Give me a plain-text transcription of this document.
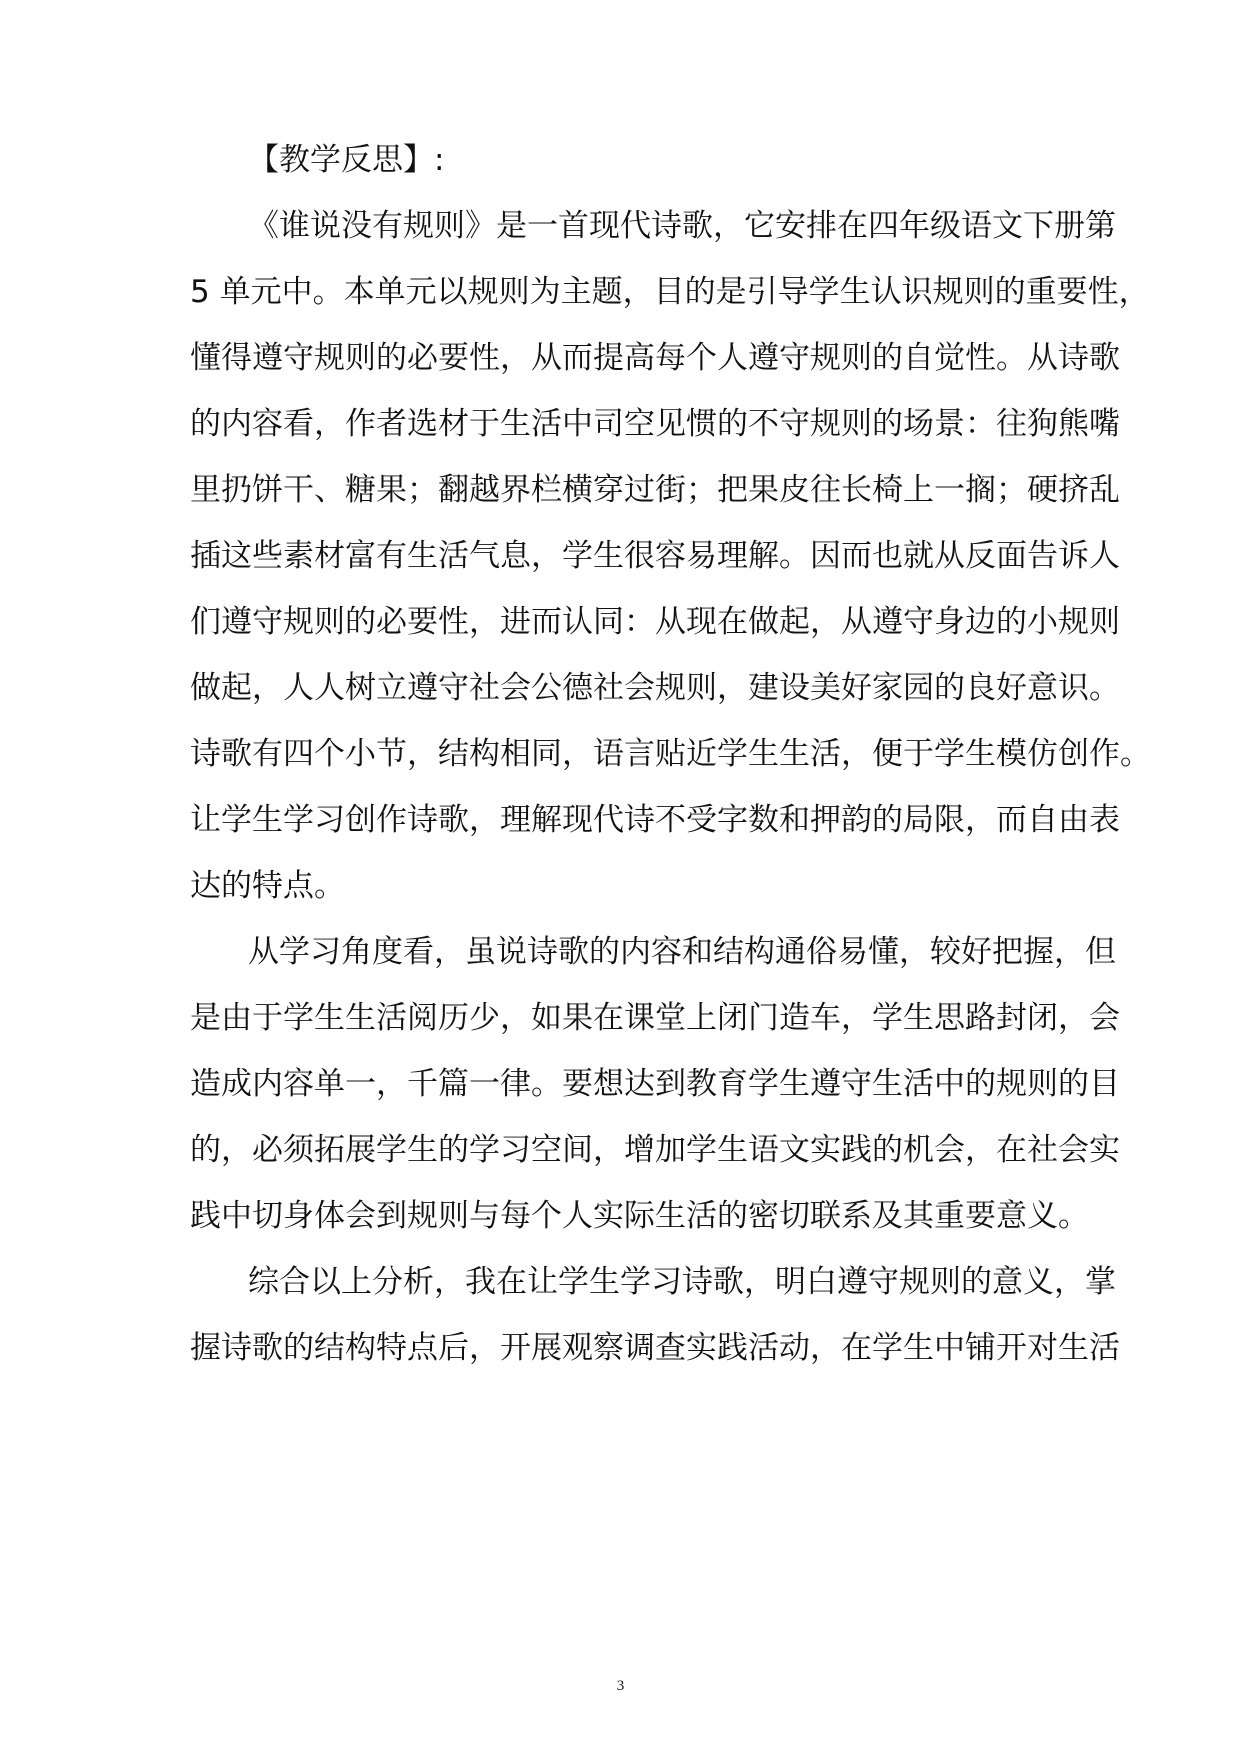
【教学反思】:
《谁说没有规则》是一首现代诗歌，它安排在四年级语文下册第
5 单元中。本单元以规则为主题，目的是引导学生认识规则的重要性，
懂得遵守规则的必要性，从而提高每个人遵守规则的自觉性。从诗歌
的内容看，作者选材于生活中司空见惯的不守规则的场景：往狗熊嘴
里扔饼干、糖果；翻越界栏横穿过街；把果皮往长椅上一搁；硬挤乱
插这些素材富有生活气息，学生很容易理解。因而也就从反面告诉人
们遵守规则的必要性，进而认同：从现在做起，从遵守身边的小规则
做起，人人树立遵守社会公德社会规则，建设美好家园的良好意识。
诗歌有四个小节，结构相同，语言贴近学生生活，便于学生模仿创作。
让学生学习创作诗歌，理解现代诗不受字数和押韵的局限，而自由表
达的特点。
从学习角度看，虽说诗歌的内容和结构通俗易懂，较好把握，但
是由于学生生活阅历少，如果在课堂上闭门造车，学生思路封闭，会
造成内容单一，千篇一律。要想达到教育学生遵守生活中的规则的目
的，必须拓展学生的学习空间，增加学生语文实践的机会，在社会实
践中切身体会到规则与每个人实际生活的密切联系及其重要意义。
综合以上分析，我在让学生学习诗歌，明白遵守规则的意义，掌
握诗歌的结构特点后，开展观察调查实践活动，在学生中铺开对生活
3
